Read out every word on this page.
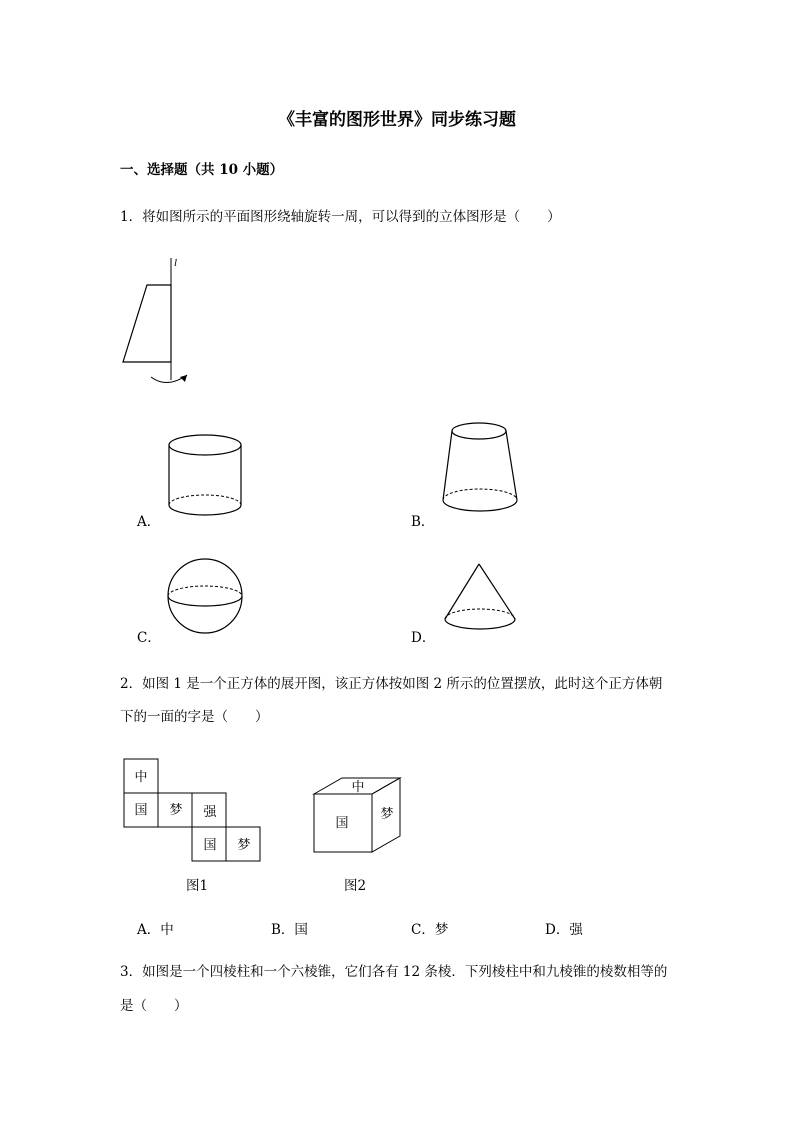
《丰富的图形世界》同步练习题
一、选择题（共 10 小题）
1．将如图所示的平面图形绕轴旋转一周，可以得到的立体图形是（　　）
l
A．	B．
C．	D．
2．如图 1 是一个正方体的展开图，该正方体按如图 2 所示的位置摆放，此时这个正方体朝
下的一面的字是（　　）
中
国 梦 强
国 梦
图1
中
国
梦
图2
A．中	B．国	C．梦	D．强
3．如图是一个四棱柱和一个六棱锥，它们各有 12 条棱．下列棱柱中和九棱锥的棱数相等的
是（　　）
